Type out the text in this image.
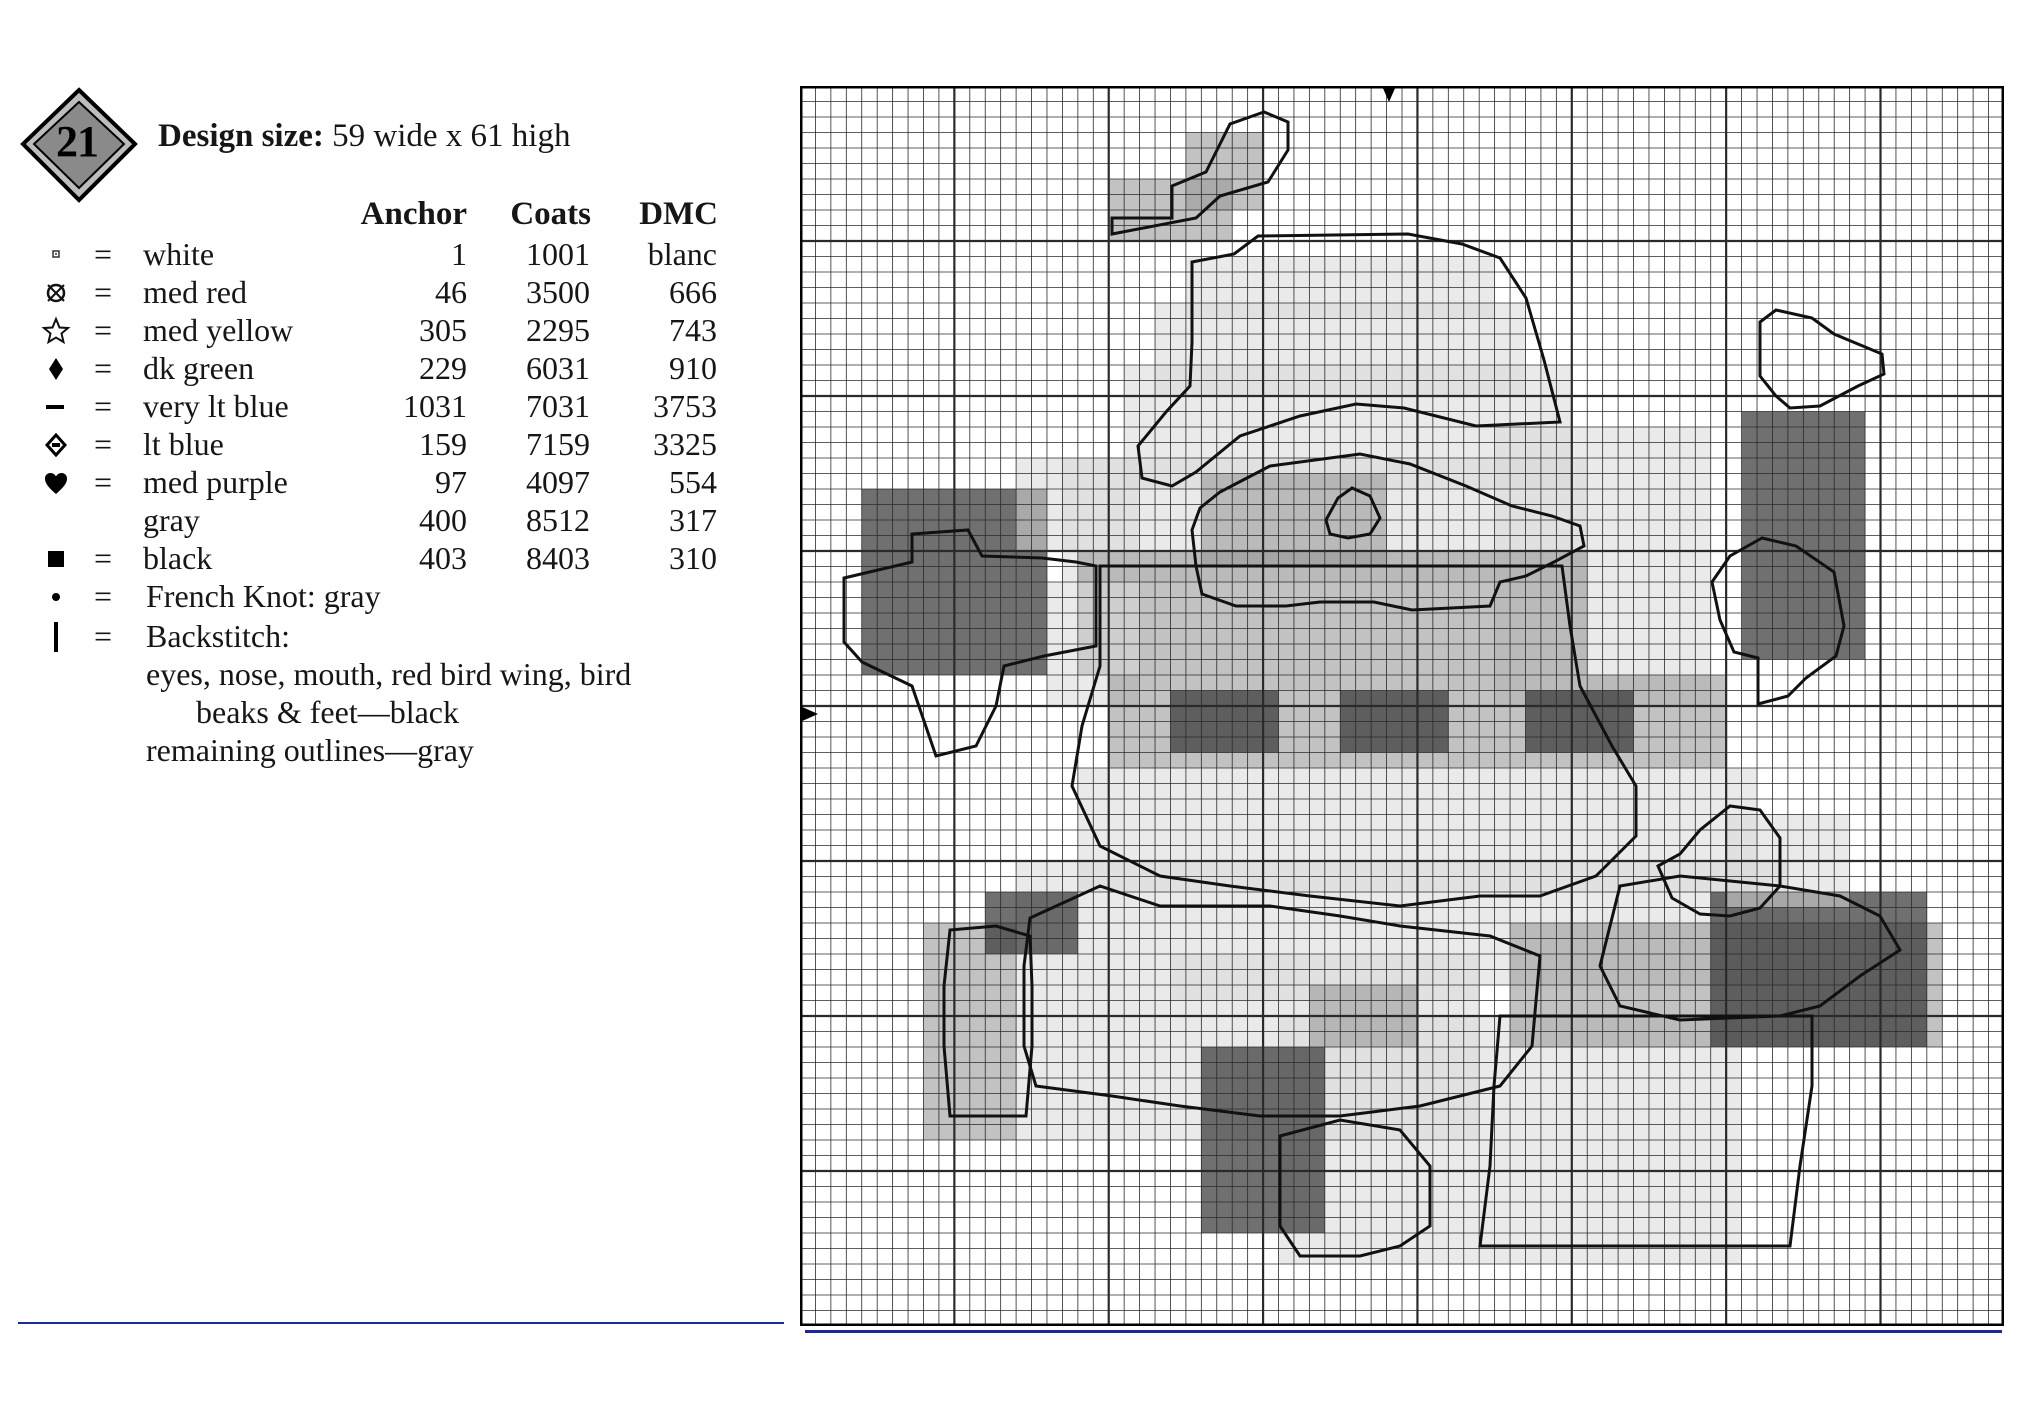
21	Design size: 59 wide x 61 high
Anchor Coats DMC
= white	1 1001 blanc
= med red	46 3500 666
= med yellow	305 2295 743
= dk green	229 6031 910
= very lt blue	1031 7031 3753
= lt blue	159 7159 3325
= med purple	97 4097 554
gray	400 8512 317
= black	403 8403 310
= French Knot: gray
= Backstitch:
eyes, nose, mouth, red bird wing, bird
beaks & feet—black
remaining outlines—gray
